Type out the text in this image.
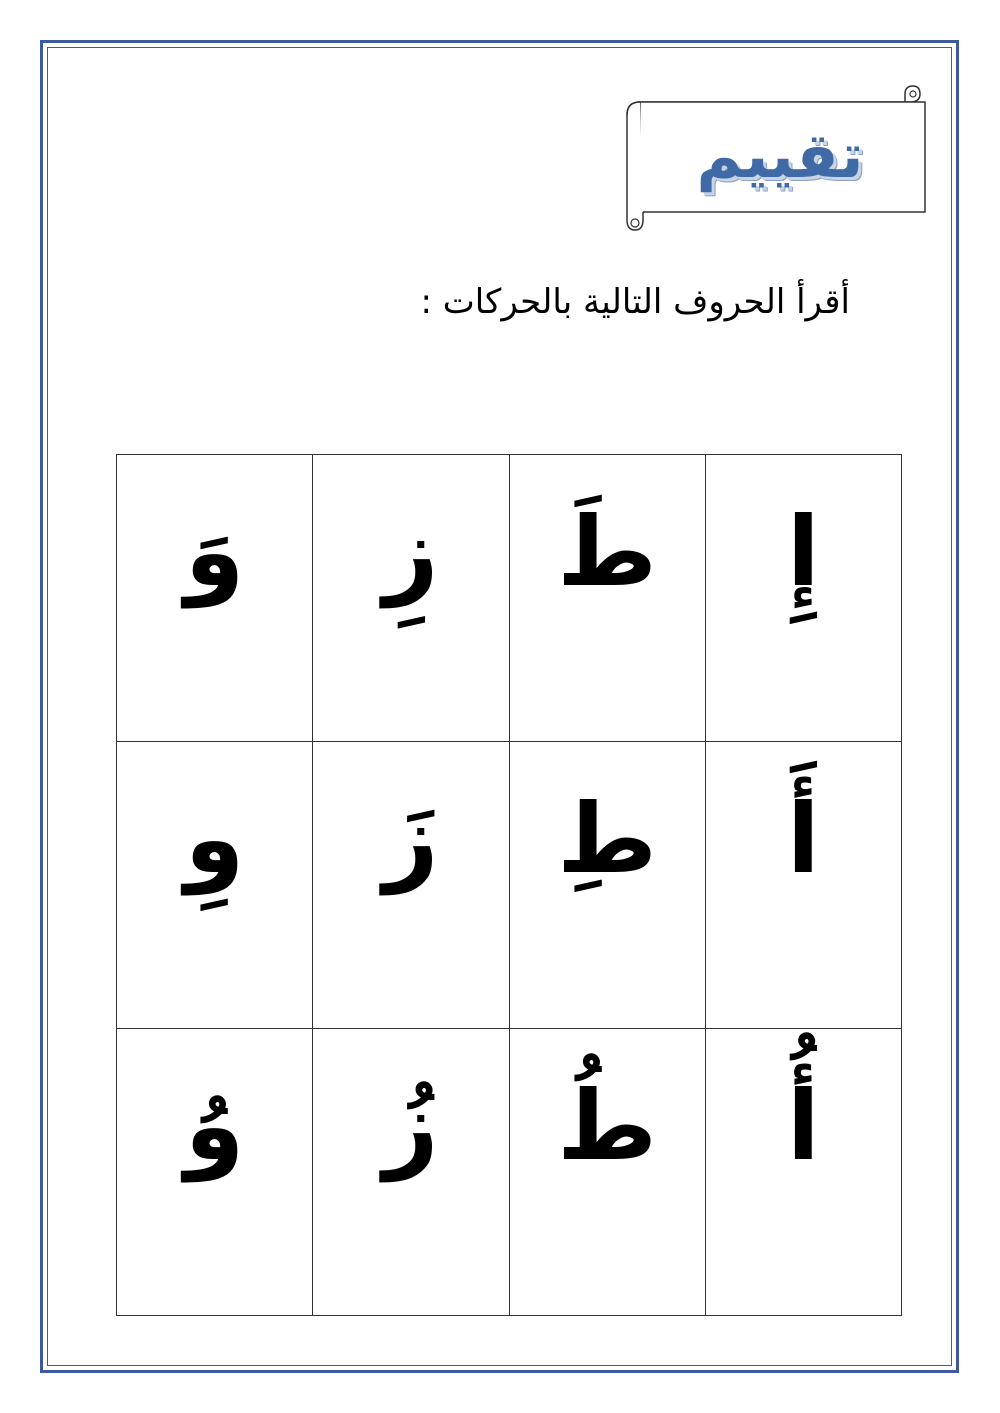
تقييم
أقرأ الحروف التالية بالحركات :
إِ	طَ	زِ	وَ
أَ	طِ	زَ	وِ
أُ	طُ	زُ	وُ
